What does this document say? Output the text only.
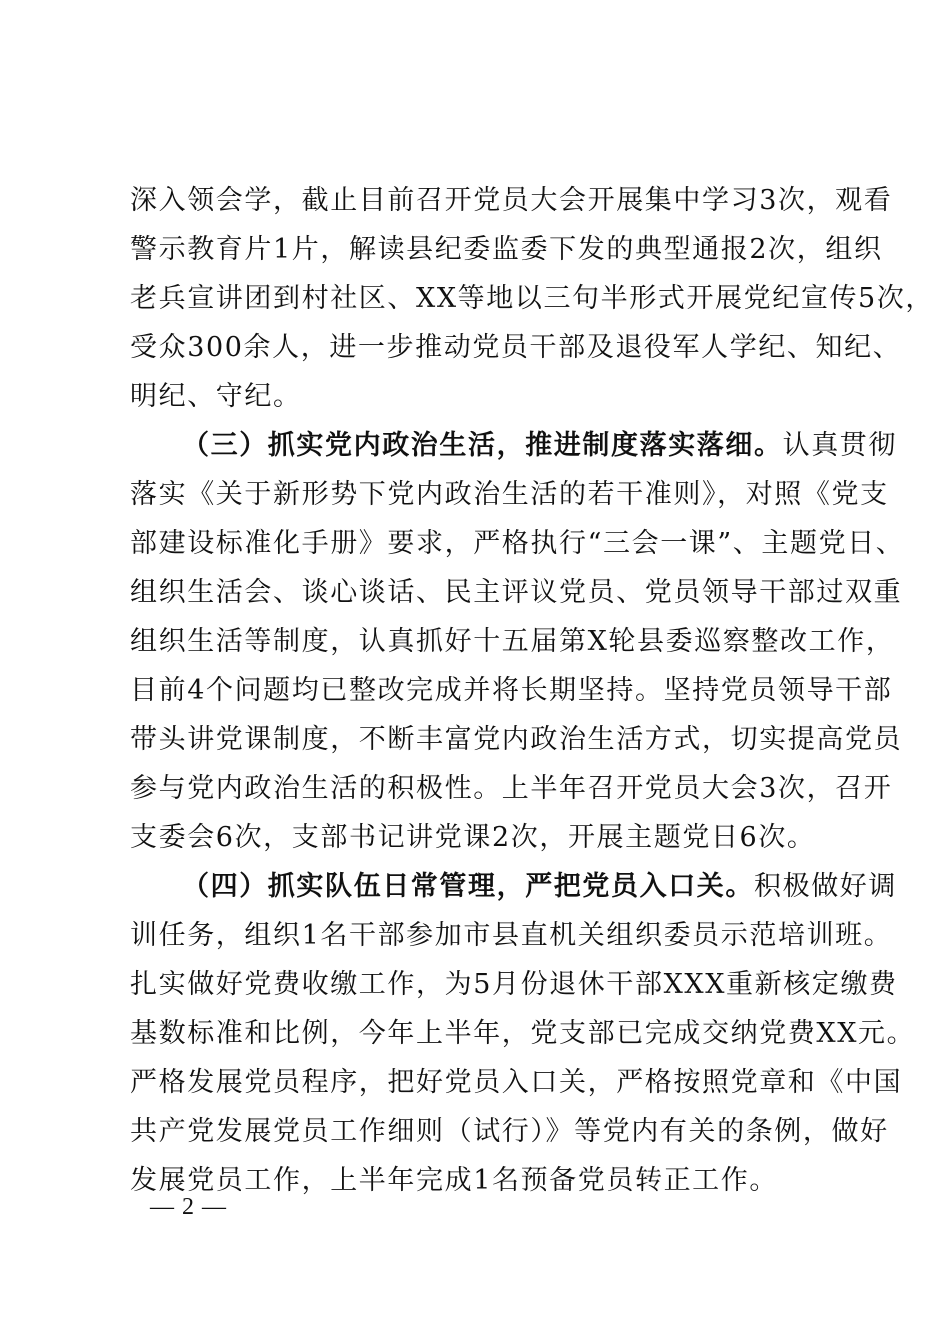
深入领会学，截止目前召开党员大会开展集中学习3次，观看
警示教育片1片，解读县纪委监委下发的典型通报2次，组织
老兵宣讲团到村社区、XX等地以三句半形式开展党纪宣传5次，
受众300余人，进一步推动党员干部及退役军人学纪、知纪、
明纪、守纪。
（三）抓实党内政治生活，推进制度落实落细。认真贯彻
落实《关于新形势下党内政治生活的若干准则》，对照《党支
部建设标准化手册》要求，严格执行“三会一课”、主题党日、
组织生活会、谈心谈话、民主评议党员、党员领导干部过双重
组织生活等制度，认真抓好十五届第X轮县委巡察整改工作，
目前4个问题均已整改完成并将长期坚持。坚持党员领导干部
带头讲党课制度，不断丰富党内政治生活方式，切实提高党员
参与党内政治生活的积极性。上半年召开党员大会3次，召开
支委会6次，支部书记讲党课2次，开展主题党日6次。
（四）抓实队伍日常管理，严把党员入口关。积极做好调
训任务，组织1名干部参加市县直机关组织委员示范培训班。
扎实做好党费收缴工作，为5月份退休干部XXX重新核定缴费
基数标准和比例，今年上半年，党支部已完成交纳党费XX元。
严格发展党员程序，把好党员入口关，严格按照党章和《中国
共产党发展党员工作细则（试行）》等党内有关的条例，做好
发展党员工作，上半年完成1名预备党员转正工作。
— 2 —
